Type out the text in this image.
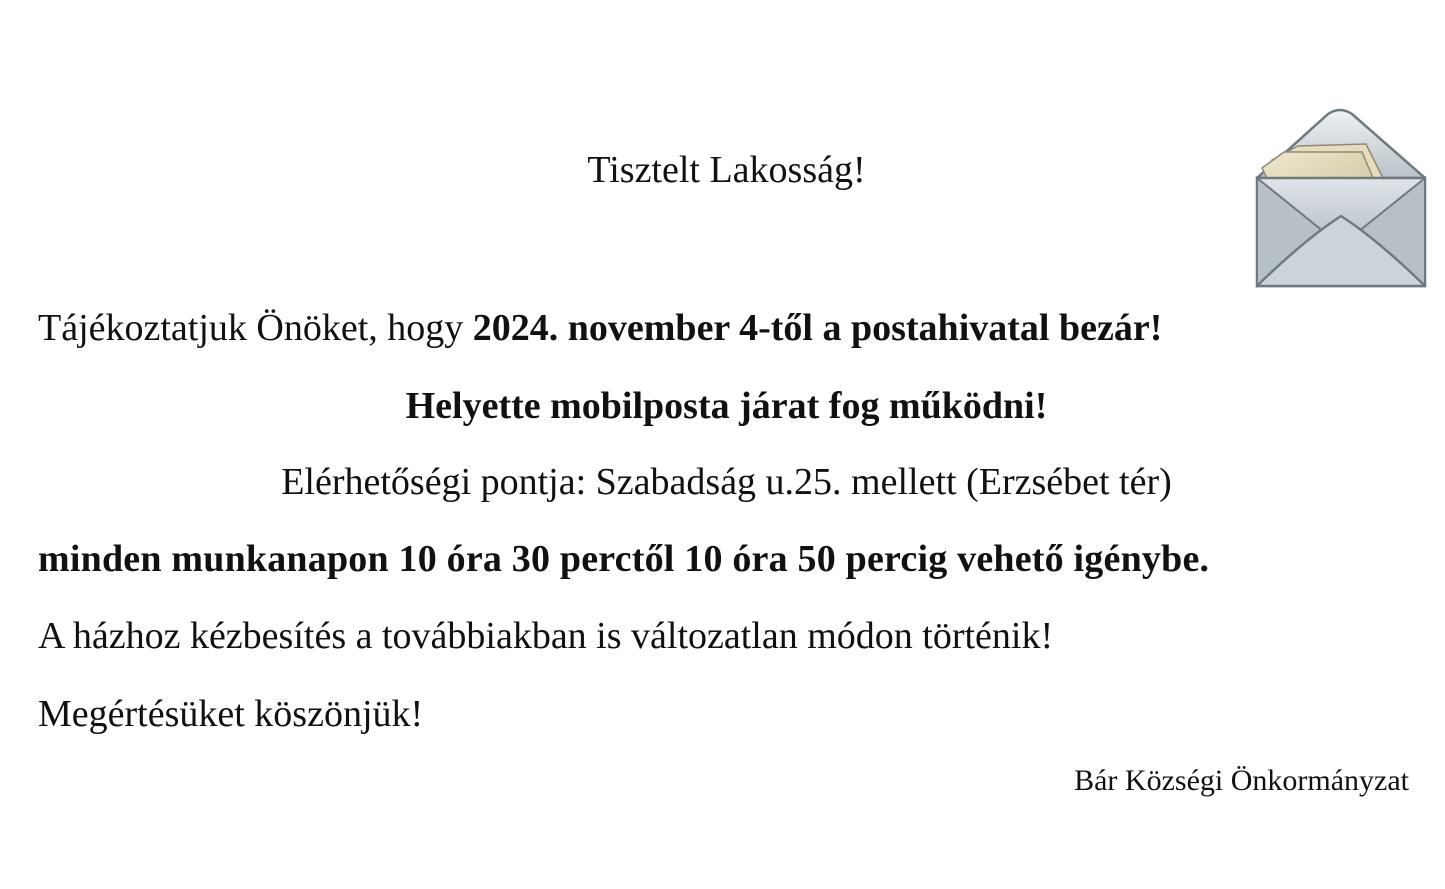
Tisztelt Lakosság!
Tájékoztatjuk Önöket, hogy 2024. november 4-től a postahivatal bezár!
Helyette mobilposta járat fog működni!
Elérhetőségi pontja: Szabadság u.25. mellett (Erzsébet tér)
minden munkanapon 10 óra 30 perctől 10 óra 50 percig vehető igénybe.
A házhoz kézbesítés a továbbiakban is változatlan módon történik!
Megértésüket köszönjük!
Bár Községi Önkormányzat
